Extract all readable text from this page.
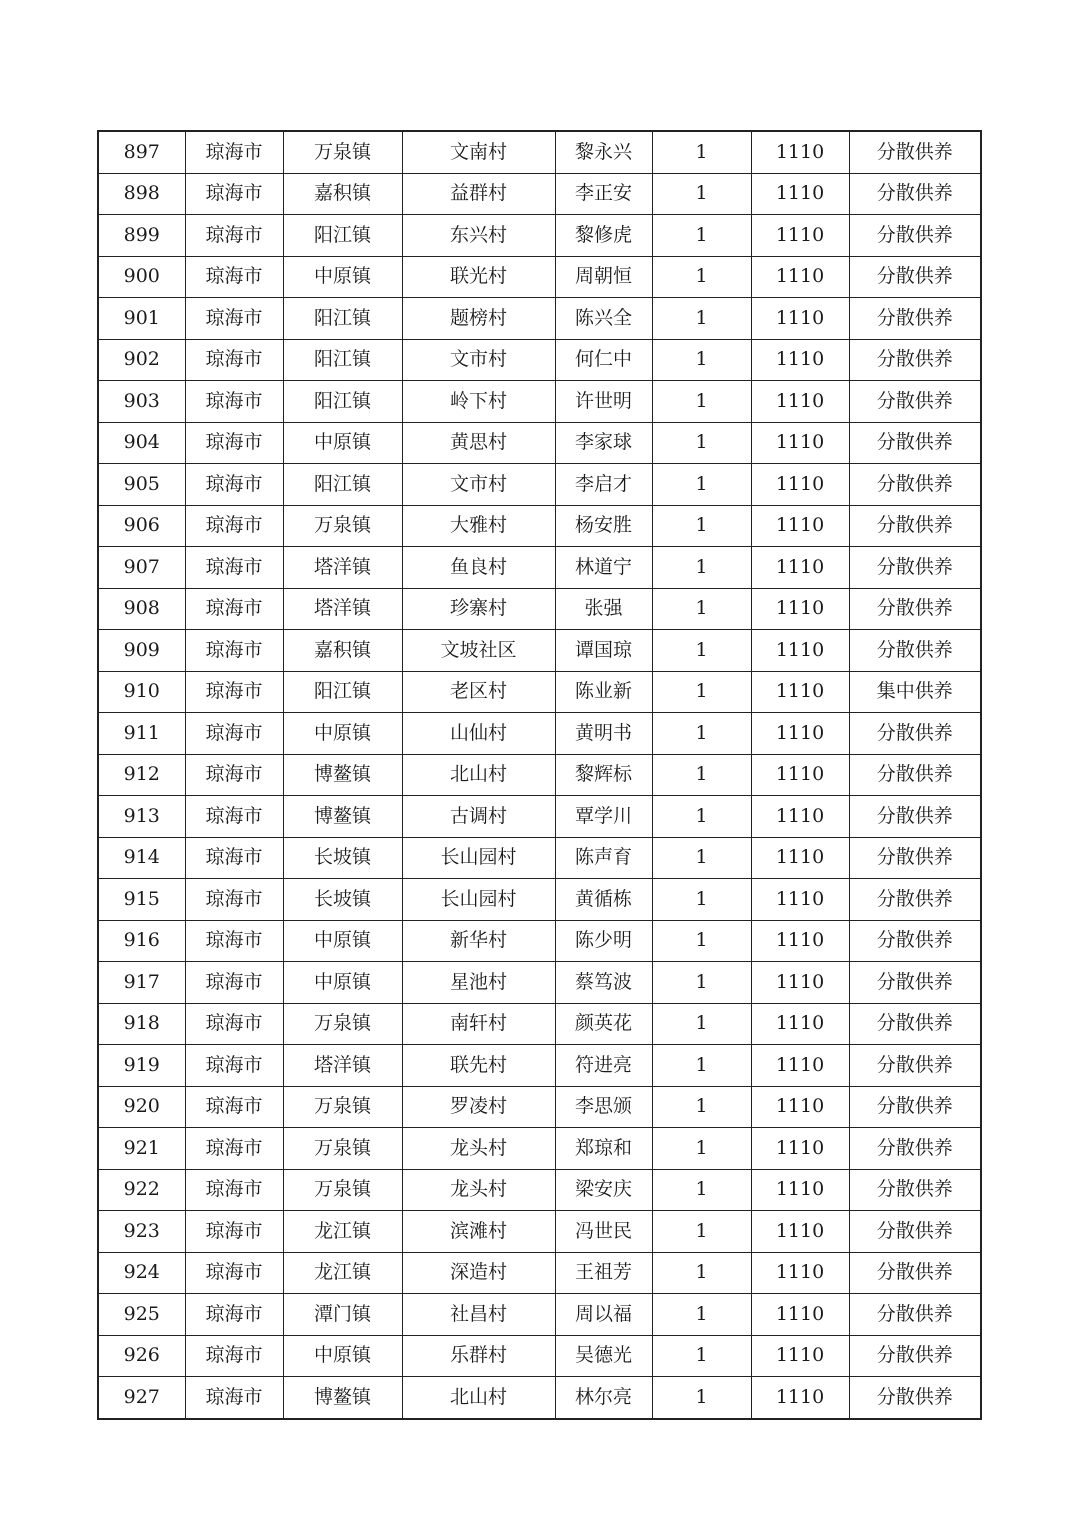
897	琼海市	万泉镇	文南村	黎永兴	1	1110	分散供养
898	琼海市	嘉积镇	益群村	李正安	1	1110	分散供养
899	琼海市	阳江镇	东兴村	黎修虎	1	1110	分散供养
900	琼海市	中原镇	联光村	周朝恒	1	1110	分散供养
901	琼海市	阳江镇	题榜村	陈兴全	1	1110	分散供养
902	琼海市	阳江镇	文市村	何仁中	1	1110	分散供养
903	琼海市	阳江镇	岭下村	许世明	1	1110	分散供养
904	琼海市	中原镇	黄思村	李家球	1	1110	分散供养
905	琼海市	阳江镇	文市村	李启才	1	1110	分散供养
906	琼海市	万泉镇	大雅村	杨安胜	1	1110	分散供养
907	琼海市	塔洋镇	鱼良村	林道宁	1	1110	分散供养
908	琼海市	塔洋镇	珍寨村	张强	1	1110	分散供养
909	琼海市	嘉积镇	文坡社区	谭国琼	1	1110	分散供养
910	琼海市	阳江镇	老区村	陈业新	1	1110	集中供养
911	琼海市	中原镇	山仙村	黄明书	1	1110	分散供养
912	琼海市	博鳌镇	北山村	黎辉标	1	1110	分散供养
913	琼海市	博鳌镇	古调村	覃学川	1	1110	分散供养
914	琼海市	长坡镇	长山园村	陈声育	1	1110	分散供养
915	琼海市	长坡镇	长山园村	黄循栋	1	1110	分散供养
916	琼海市	中原镇	新华村	陈少明	1	1110	分散供养
917	琼海市	中原镇	星池村	蔡笃波	1	1110	分散供养
918	琼海市	万泉镇	南轩村	颜英花	1	1110	分散供养
919	琼海市	塔洋镇	联先村	符进亮	1	1110	分散供养
920	琼海市	万泉镇	罗凌村	李思颁	1	1110	分散供养
921	琼海市	万泉镇	龙头村	郑琼和	1	1110	分散供养
922	琼海市	万泉镇	龙头村	梁安庆	1	1110	分散供养
923	琼海市	龙江镇	滨滩村	冯世民	1	1110	分散供养
924	琼海市	龙江镇	深造村	王祖芳	1	1110	分散供养
925	琼海市	潭门镇	社昌村	周以福	1	1110	分散供养
926	琼海市	中原镇	乐群村	吴德光	1	1110	分散供养
927	琼海市	博鳌镇	北山村	林尔亮	1	1110	分散供养
